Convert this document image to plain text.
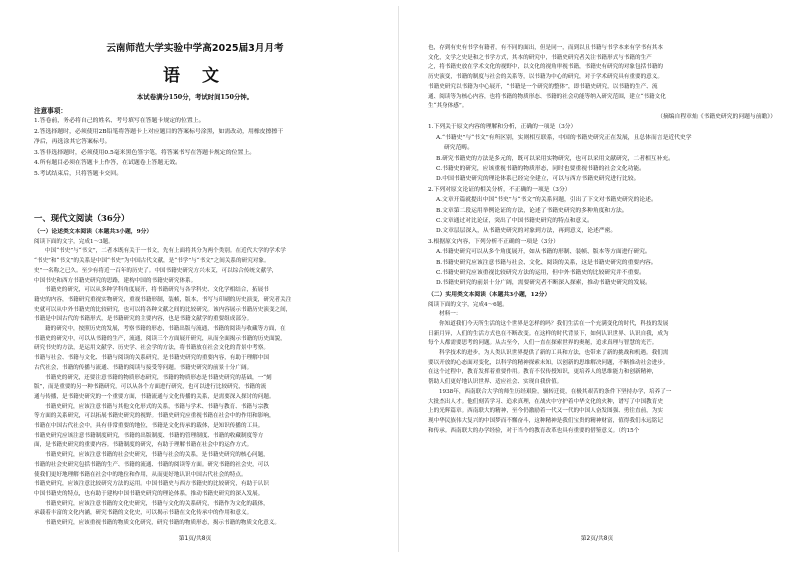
云南师范大学实验中学高2025届3月月考
语 文
本试卷满分150分，考试时间150分钟。
注意事项：
1.答卷前，务必将自己的姓名、考号填写在答题卡规定的位置上。
2.答选择题时，必须使用2B铅笔将答题卡上对应题目的答案标号涂黑，如需改动，用橡皮擦擦干
净后，再选涂其它答案标号。
3.答非选择题时，必须使用0.5毫米黑色签字笔，将答案书写在答题卡规定的位置上。
4.所有题目必须在答题卡上作答，在试题卷上答题无效。
5.考试结束后，只将答题卡交回。
一、现代文阅读（36分）
（一）论述类文本阅读（本题共3小题，9分）
阅读下面的文字，完成1～3题。
中国“书史”与“书文”，二者本既有关于一书文，先有上面将其分为两个类别。在近代大学的学术学
“书史”和“书文”的关系是中国“书史”为中国古代文献，是“书学”与“书文”之间关系的研究对象。
史”一名称之已久。至少有将近一百年的历史了。中国书籍史研究方兴未艾，可以综合传统文献学，
中国书史和西方书籍史研究的思路，建构中国的书籍史研究体系。
书籍史的研究，可以从多种学科角度展开，将书籍研究与各学科史、文化学相结合，拓展书
籍史的内容，书籍研究重视实物研究，重视书籍形制，装帧，版本，书写与印刷的历史演变，研究者关注
史就可以从中外书籍史的比较研究，也可以将各种文献之间的比较研究。该内容展示书籍历史演变之间，
书籍是中国古代的书籍形式，是书籍研究的主要内容，也是书籍文献学的重要组成部分。
籍的研究中，按照历史的发展，考察书籍的形态，书籍出版与流通，书籍的阅读与收藏等方面，在
书籍史的研究中，可以从书籍的生产，流通，阅读三个方面展开研究，从而全面揭示书籍的历史面貌，
研究书史的方法，是运用文献学、历史学、社会学的方法，将书籍放在社会文化的背景中考察。
书籍与社会、书籍与文化、书籍与阅读的关系研究，是书籍史研究的重要内容，有助于理解中国
古代社会，书籍的传播与流通、书籍的阅读与接受等问题。书籍史研究的前景十分广阔。
书籍史的研究，还要注意书籍的物质形态研究，书籍的物质形态是书籍史研究的基础，一“刻
版”，而是重要的另一种书籍研究，可以从各个方面进行研究，也可以进行比较研究，书籍的流
通与传播，是书籍史研究的一个重要方面，书籍流通与文化传播的关系，是需要深入探讨的问题。
书籍史研究，应该注意书籍与其他文化形式的关系，书籍与学术、书籍与教育、书籍与宗教
等方面的关系研究，可以拓展书籍史研究的视野。书籍史研究应重视书籍在社会中的作用和影响，
书籍在中国古代社会中，具有非常重要的地位，书籍是文化传承的载体，是知识传播的工具。
书籍史研究应该注意书籍制度研究，书籍的出版制度、书籍的管理制度、书籍的收藏制度等方
面，是书籍史研究的重要内容。书籍制度的研究，有助于理解书籍在社会中的运作方式。
书籍史研究，应该注意书籍的社会史研究，书籍与社会的关系，是书籍史研究的核心问题，
书籍的社会史研究包括书籍的生产、书籍的流通、书籍的阅读等方面。研究书籍的社会史，可以
使我们更好地理解书籍在社会中的地位和作用，从而更好地认识中国古代社会的特点。
书籍史研究，应该注意比较研究方法的运用。中国书籍史与西方书籍史的比较研究，有助于认识
中国书籍史的特点，也有助于建构中国书籍史研究的理论体系，推动书籍史研究的深入发展。
书籍史研究，应该注意书籍的文化史研究，书籍与文化的关系研究，书籍作为文化的载体，
承载着丰富的文化内涵，研究书籍的文化史，可以揭示书籍在文化传承中的作用和意义。
书籍史研究，应该重视书籍的物质文化研究，研究书籍的物质形态，揭示书籍的物质文化意义。
第1页/共8页
也，存到有史有书学有籍者，有不同的面出，但是同一，而到以且书籍与书学本来有学书有其本
文化，文学之史是和之书学方式，其本的研究中，书籍史研究者关注书籍形式与书籍的生产
之，将书籍史放在学术文化的视野中，以文化的视角审视书籍，书籍史有研究的对象包括书籍的
历史演变，书籍的制度与社会的关系等，以书籍为中心的研究，对于学术研究具有重要的意义。
书籍史研究以书籍为中心展开，“书籍是一个研究的整体”，即书籍史研究，以书籍的生产、流
通、阅读等为核心内容，也将书籍的物质形态、书籍的社会功能等纳入研究范围，建立“书籍文化
生“其身体感”。
（摘编自程章灿《书籍史研究的问题与前瞻》）
1.下列关于原文内容的理解和分析，正确的一项是（3分）
A.“书籍史”与“书文”有所区别，实则相互联系，中国的书籍史研究正在发展，且总体而言是近代史学
研究范畴。
B.研究书籍史的方法是多元的，既可以采用实物研究，也可以采用文献研究，二者相互补充。
C.书籍史的研究，应该重视书籍的物质形态，同时也要重视书籍的社会文化功能。
D.中国书籍史研究的理论体系已经完全建立，可以与西方书籍史研究进行比较。
2.下列对原文论证的相关分析，不正确的一项是（3分）
A.文章开篇就提出中国“书史”与“书文”的关系问题，引出了下文对书籍史研究的论述。
B.文章第二段运用举例论证的方法，论述了书籍史研究的多种角度和方法。
C.文章通过对比论证，突出了中国书籍史研究的特点和意义。
D.文章层层深入，从书籍史研究的对象到方法，再到意义，论述严密。
3.根据原文内容，下列分析不正确的一项是（3分）
A.书籍史研究可以从多个角度展开，如从书籍的形制、装帧、版本等方面进行研究。
B.书籍史研究应该注意书籍与社会、文化、阅读的关系，这是书籍史研究的重要内容。
C.书籍史研究应该重视比较研究方法的运用，但中外书籍史的比较研究并不重要。
D.书籍史研究的前景十分广阔，需要研究者不断深入探索，推动书籍史研究的发展。
（二）实用类文本阅读（本题共3小题，12分）
阅读下面的文字，完成4～6题。
材料一：
你知道我们今天所生活的这个世界是怎样的吗？我们生活在一个充满变化的时代，科技的发展
日新月异，人们的生活方式也在不断改变。在这样的时代背景下，如何认识世界、认识自我，成为
每个人都需要思考的问题。从古至今，人们一直在探索世界的奥秘，追求真理与智慧的光芒。
科学技术的进步，为人类认识世界提供了新的工具和方法，也带来了新的挑战和机遇。我们需
要以开放的心态面对变化，以科学的精神探索未知，以创新的思维解决问题，不断推动社会进步。
在这个过程中，教育发挥着重要作用。教育不仅传授知识，更培养人的思维能力和创新精神，
帮助人们更好地认识世界、适应社会、实现自我价值。
1938年，西南联合大学的师生历经艰险，辗转迁徙，在极其艰苦的条件下坚持办学，培养了一
大批杰出人才。他们刻苦学习、追求真理，在战火中守护着中华文化的火种，谱写了中国教育史
上的光辉篇章。西南联大的精神，至今仍激励着一代又一代的中国人奋发图强、勇往直前，为实
现中华民族伟大复兴的中国梦而不懈奋斗，这种精神是我们宝贵的精神财富，值得我们永远铭记
和传承。西南联大的办学经验，对于当今的教育改革也具有重要的借鉴意义。（约15个
第2页/共8页
